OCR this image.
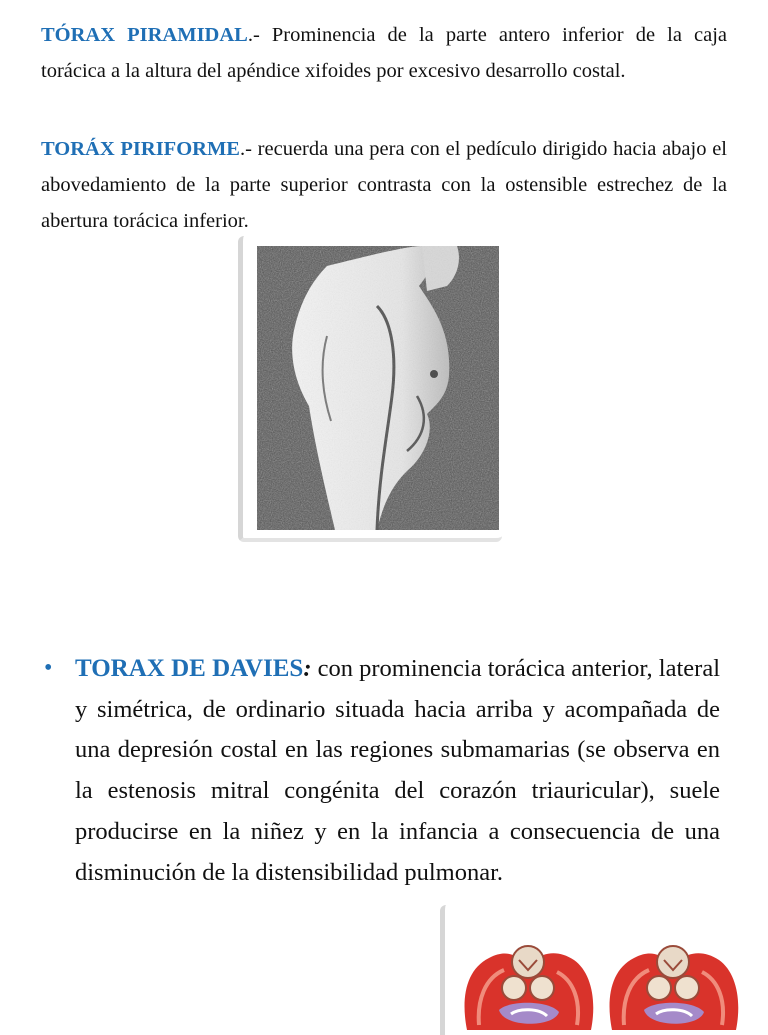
TÓRAX PIRAMIDAL.- Prominencia de la parte antero inferior de la caja torácica a la altura del apéndice xifoides por excesivo desarrollo costal.

TORÁX PIRIFORME.- recuerda una pera con el pedículo dirigido hacia abajo el abovedamiento de la parte superior contrasta con la ostensible estrechez de la abertura torácica inferior.

• TORAX DE DAVIES: con prominencia torácica anterior, lateral y simétrica, de ordinario situada hacia arriba y acompañada de una depresión costal en las regiones submamarias (se observa en la estenosis mitral congénita del corazón triauricular), suele producirse en la niñez y en la infancia a consecuencia de una disminución de la distensibilidad pulmonar.
